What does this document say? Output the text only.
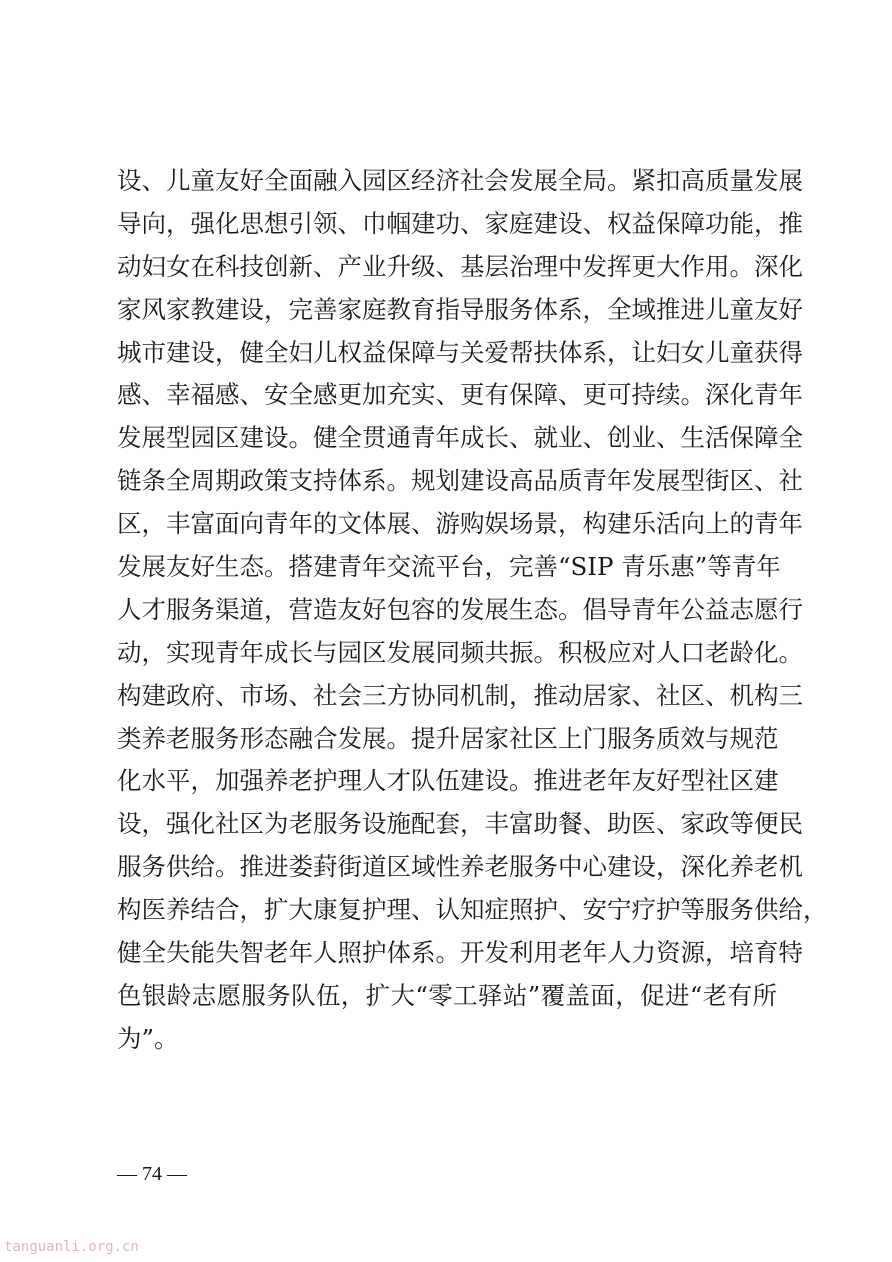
设、儿童友好全面融入园区经济社会发展全局。紧扣高质量发展
导向，强化思想引领、巾帼建功、家庭建设、权益保障功能，推
动妇女在科技创新、产业升级、基层治理中发挥更大作用。深化
家风家教建设，完善家庭教育指导服务体系，全域推进儿童友好
城市建设，健全妇儿权益保障与关爱帮扶体系，让妇女儿童获得
感、幸福感、安全感更加充实、更有保障、更可持续。深化青年
发展型园区建设。健全贯通青年成长、就业、创业、生活保障全
链条全周期政策支持体系。规划建设高品质青年发展型街区、社
区，丰富面向青年的文体展、游购娱场景，构建乐活向上的青年
发展友好生态。搭建青年交流平台，完善“SIP 青乐惠”等青年
人才服务渠道，营造友好包容的发展生态。倡导青年公益志愿行
动，实现青年成长与园区发展同频共振。积极应对人口老龄化。
构建政府、市场、社会三方协同机制，推动居家、社区、机构三
类养老服务形态融合发展。提升居家社区上门服务质效与规范
化水平，加强养老护理人才队伍建设。推进老年友好型社区建
设，强化社区为老服务设施配套，丰富助餐、助医、家政等便民
服务供给。推进娄葑街道区域性养老服务中心建设，深化养老机
构医养结合，扩大康复护理、认知症照护、安宁疗护等服务供给，
健全失能失智老年人照护体系。开发利用老年人力资源，培育特
色银龄志愿服务队伍，扩大“零工驿站”覆盖面，促进“老有所
为”。
— 74 —
tanguanli.org.cn
